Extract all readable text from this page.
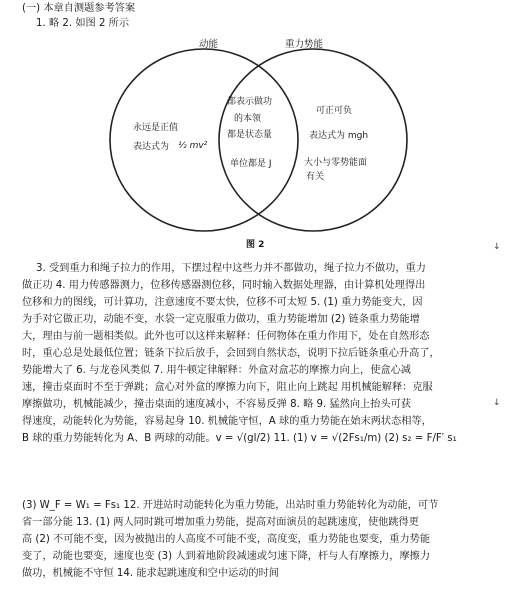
(一) 本章自测题参考答案
1. 略 2. 如图 2 所示
动能	重力势能
永远是正值
表达式为 ½ mv²
都表示做功
的本领
都是状态量
单位都是 J
可正可负
表达式为 mgh
大小与零势能面
有关
图 2	↓
3. 受到重力和绳子拉力的作用，下摆过程中这些力并不都做功，绳子拉力不做功，重力
做正功 4. 用力传感器测力，位移传感器测位移，同时输入数据处理器，由计算机处理得出
位移和力的图线，可计算功，注意速度不要太快，位移不可太短 5. (1) 重力势能变大，因
为手对它做正功，动能不变，水袋一定克服重力做功，重力势能增加 (2) 链条重力势能增
大，理由与前一题相类似。此外也可以这样来解释：任何物体在重力作用下，处在自然形态
时，重心总是处最低位置；链条下拉后放手，会回到自然状态，说明下拉后链条重心升高了，
势能增大了 6. 与龙卷风类似 7. 用牛顿定律解释：外盒对盒芯的摩擦力向上，使盒心减
速，撞击桌面时不至于弹跳；盒心对外盒的摩擦力向下，阻止向上跳起 用机械能解释：克服
摩擦做功，机械能减少，撞击桌面的速度减小，不容易反弹 8. 略 9. 猛然向上抬头可获
得速度，动能转化为势能，容易起身 10. 机械能守恒，A 球的重力势能在始末两状态相等，
B 球的重力势能转化为 A、B 两球的动能。v = √(gl/2) 11. (1) v = √(2Fs₁/m) (2) s₂ = F/F′ s₁
(3) W_F = W₁ = Fs₁ 12. 开进站时动能转化为重力势能，出站时重力势能转化为动能，可节
省一部分能 13. (1) 两人同时跳可增加重力势能，提高对面演员的起跳速度，使他跳得更
高 (2) 不可能不变，因为被抛出的人高度不可能不变，高度变，重力势能也要变，重力势能
变了，动能也要变，速度也变 (3) 人到着地阶段减速或匀速下降，杆与人有摩擦力，摩擦力
做功，机械能不守恒 14. 能求起跳速度和空中运动的时间
↓
